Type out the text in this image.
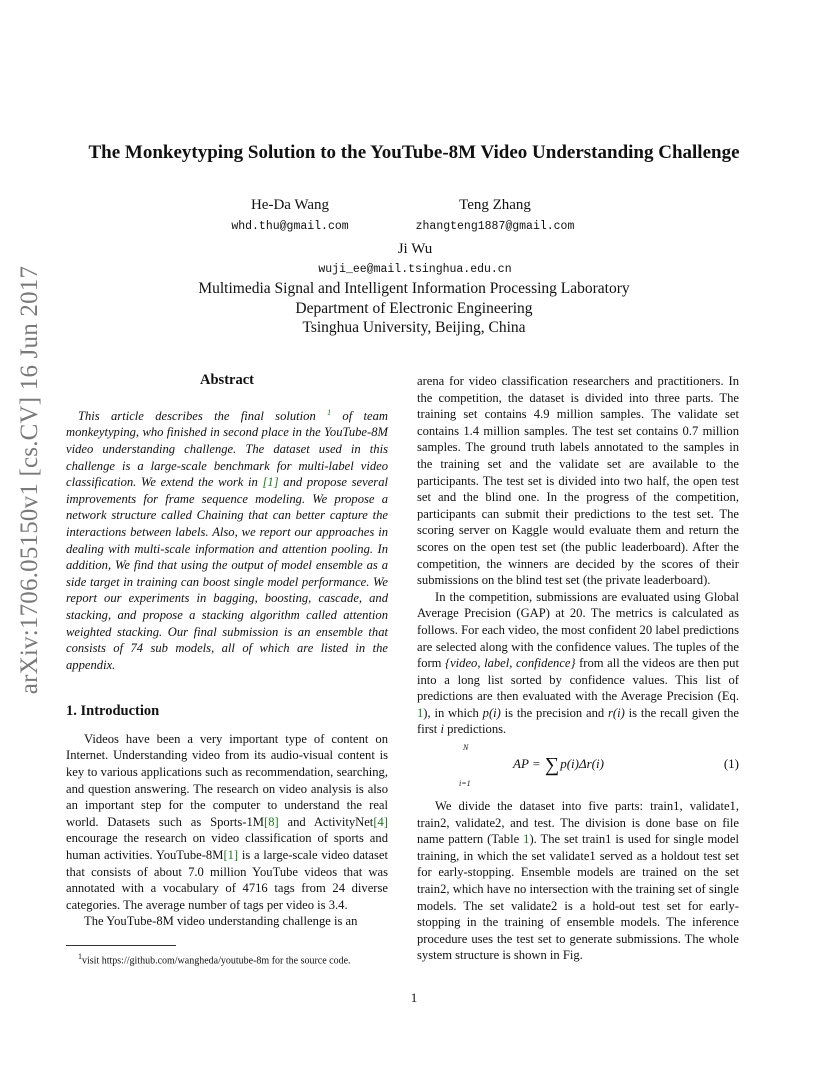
arXiv:1706.05150v1 [cs.CV] 16 Jun 2017
The Monkeytyping Solution to the YouTube-8M Video Understanding Challenge
He-Da Wang
whd.thu@gmail.com
Teng Zhang
zhangteng1887@gmail.com
Ji Wu
wuji_ee@mail.tsinghua.edu.cn
Multimedia Signal and Intelligent Information Processing Laboratory
Department of Electronic Engineering
Tsinghua University, Beijing, China
Abstract

This article describes the final solution $^1$ of team monkeytyping, who finished in second place in the YouTube-8M video understanding challenge. The dataset used in this challenge is a large-scale benchmark for multi-label video classification. We extend the work in [1] and propose several improvements for frame sequence modeling. We propose a network structure called Chaining that can better capture the interactions between labels. Also, we report our approaches in dealing with multi-scale information and attention pooling. In addition, We find that using the output of model ensemble as a side target in training can boost single model performance. We report our experiments in bagging, boosting, cascade, and stacking, and propose a stacking algorithm called attention weighted stacking. Our final submission is an ensemble that consists of 74 sub models, all of which are listed in the appendix.

1. Introduction

Videos have been a very important type of content on Internet. Understanding video from its audio-visual content is key to various applications such as recommendation, searching, and question answering. The research on video analysis is also an important step for the computer to understand the real world. Datasets such as Sports-1M[8] and ActivityNet[4] encourage the research on video classification of sports and human activities. YouTube-8M[1] is a large-scale video dataset that consists of about 7.0 million YouTube videos that was annotated with a vocabulary of 4716 tags from 24 diverse categories. The average number of tags per video is 3.4.

The YouTube-8M video understanding challenge is an

arena for video classification researchers and practitioners. In the competition, the dataset is divided into three parts. The training set contains 4.9 million samples. The validate set contains 1.4 million samples. The test set contains 0.7 million samples. The ground truth labels annotated to the samples in the training set and the validate set are available to the participants. The test set is divided into two half, the open test set and the blind one. In the progress of the competition, participants can submit their predictions to the test set. The scoring server on Kaggle would evaluate them and return the scores on the open test set (the public leaderboard). After the competition, the winners are decided by the scores of their submissions on the blind test set (the private leaderboard).

In the competition, submissions are evaluated using Global Average Precision (GAP) at 20. The metrics is calculated as follows. For each video, the most confident 20 label predictions are selected along with the confidence values. The tuples of the form {video, label, confidence} from all the videos are then put into a long list sorted by confidence values. This list of predictions are then evaluated with the Average Precision (Eq. 1), in which p(i) is the precision and r(i) is the recall given the first i predictions.

N
AP = ∑p(i)Δr(i)
i=1
(1)

We divide the dataset into five parts: train1, validate1, train2, validate2, and test. The division is done base on file name pattern (Table 1). The set train1 is used for single model training, in which the set validate1 served as a holdout test set for early-stopping. Ensemble models are trained on the set train2, which have no intersection with the training set of single models. The set validate2 is a hold-out test set for early-stopping in the training of ensemble models. The inference procedure uses the test set to generate submissions. The whole system structure is shown in Fig.

$^1$visit https://github.com/wangheda/youtube-8m for the source code.
1
